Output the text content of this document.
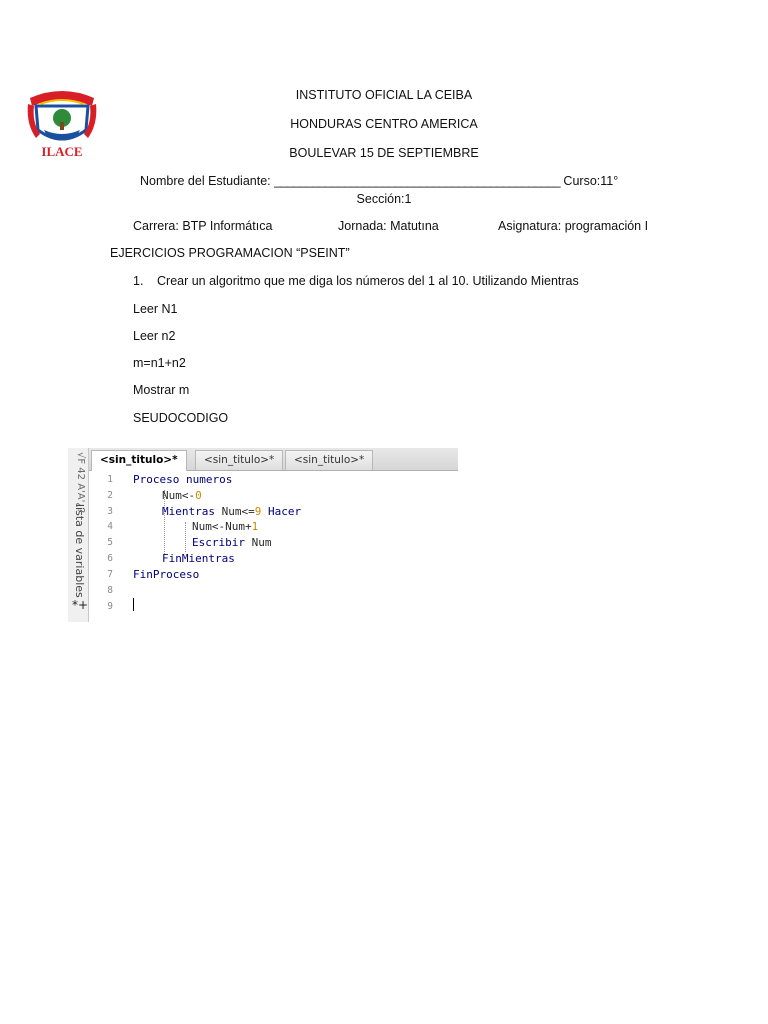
ILACE
INSTITUTO OFICIAL LA CEIBA
HONDURAS CENTRO AMERICA
BOULEVAR 15 DE SEPTIEMBRE
Nombre del Estudiante: _____________________________________________ Curso:11°
Sección:1
Carrera: BTP Informátıca	Jornada: Matutına	Asignatura: programación I
EJERCICIOS PROGRAMACION “PSEINT”
1. Crear un algoritmo que me diga los números del 1 al 10. Utilizando Mientras
Leer N1
Leer n2
m=n1+n2
Mostrar m
SEUDOCODIGO
√F 42 A'A'¿?
lista de variables
*+
<sin_titulo>*	<sin_titulo>*	<sin_titulo>*
1
2
3
4
5
6
7
8
9
Proceso numeros
Num<-0
Mientras Num<=9 Hacer
Num<-Num+1
Escribir Num
FinMientras
FinProceso
